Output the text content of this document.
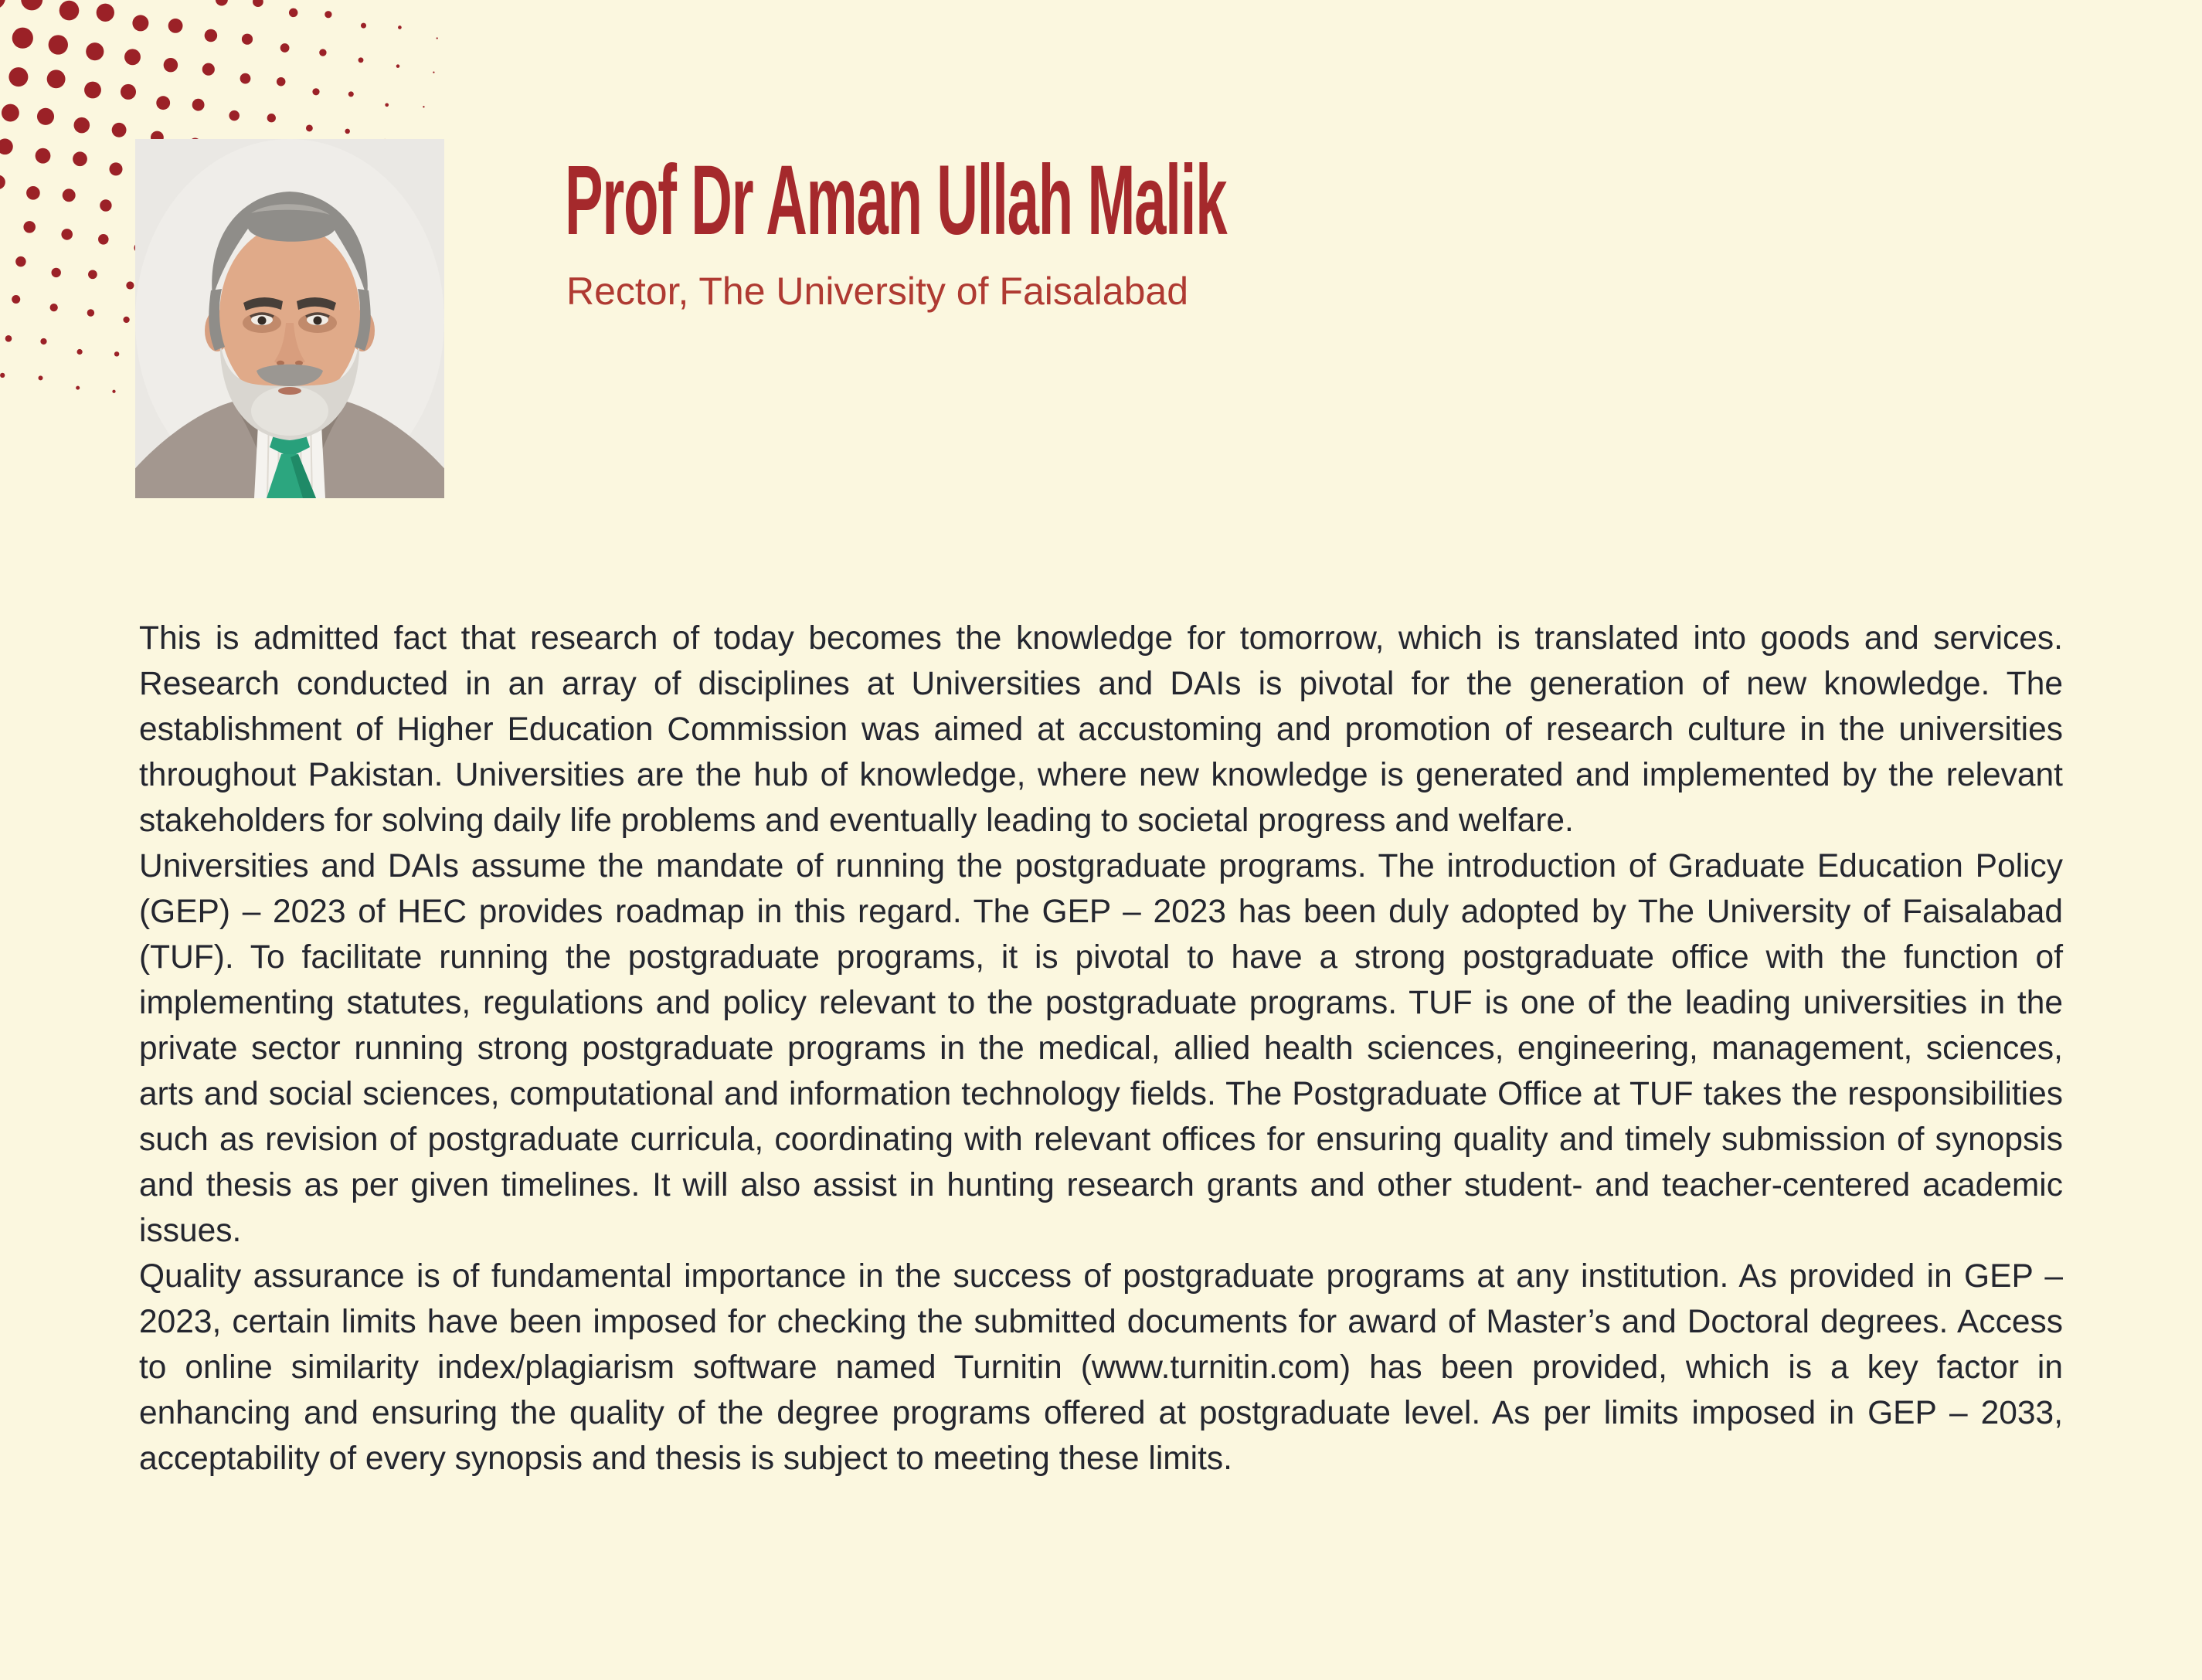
Prof Dr Aman Ullah Malik
Rector, The University of Faisalabad

This is admitted fact that research of today becomes the knowledge for tomorrow, which is translated into goods and services. Research conducted in an array of disciplines at Universities and DAIs is pivotal for the generation of new knowledge. The establishment of Higher Education Commission was aimed at accustoming and promotion of research culture in the universities throughout Pakistan. Universities are the hub of knowledge, where new knowledge is generated and implemented by the relevant stakeholders for solving daily life problems and eventually leading to societal progress and welfare.

Universities and DAIs assume the mandate of running the postgraduate programs. The introduction of Graduate Education Policy (GEP) – 2023 of HEC provides roadmap in this regard. The GEP – 2023 has been duly adopted by The University of Faisalabad (TUF). To facilitate running the postgraduate programs, it is pivotal to have a strong postgraduate office with the function of implementing statutes, regulations and policy relevant to the postgraduate programs. TUF is one of the leading universities in the private sector running strong postgraduate programs in the medical, allied health sciences, engineering, management, sciences, arts and social sciences, computational and information technology fields. The Postgraduate Office at TUF takes the responsibilities such as revision of postgraduate curricula, coordinating with relevant offices for ensuring quality and timely submission of synopsis and thesis as per given timelines. It will also assist in hunting research grants and other student- and teacher-centered academic issues.

Quality assurance is of fundamental importance in the success of postgraduate programs at any institution. As provided in GEP – 2023, certain limits have been imposed for checking the submitted documents for award of Master’s and Doctoral degrees. Access to online similarity index/plagiarism software named Turnitin (www.turnitin.com) has been provided, which is a key factor in enhancing and ensuring the quality of the degree programs offered at postgraduate level. As per limits imposed in GEP – 2033, acceptability of every synopsis and thesis is subject to meeting these limits.
